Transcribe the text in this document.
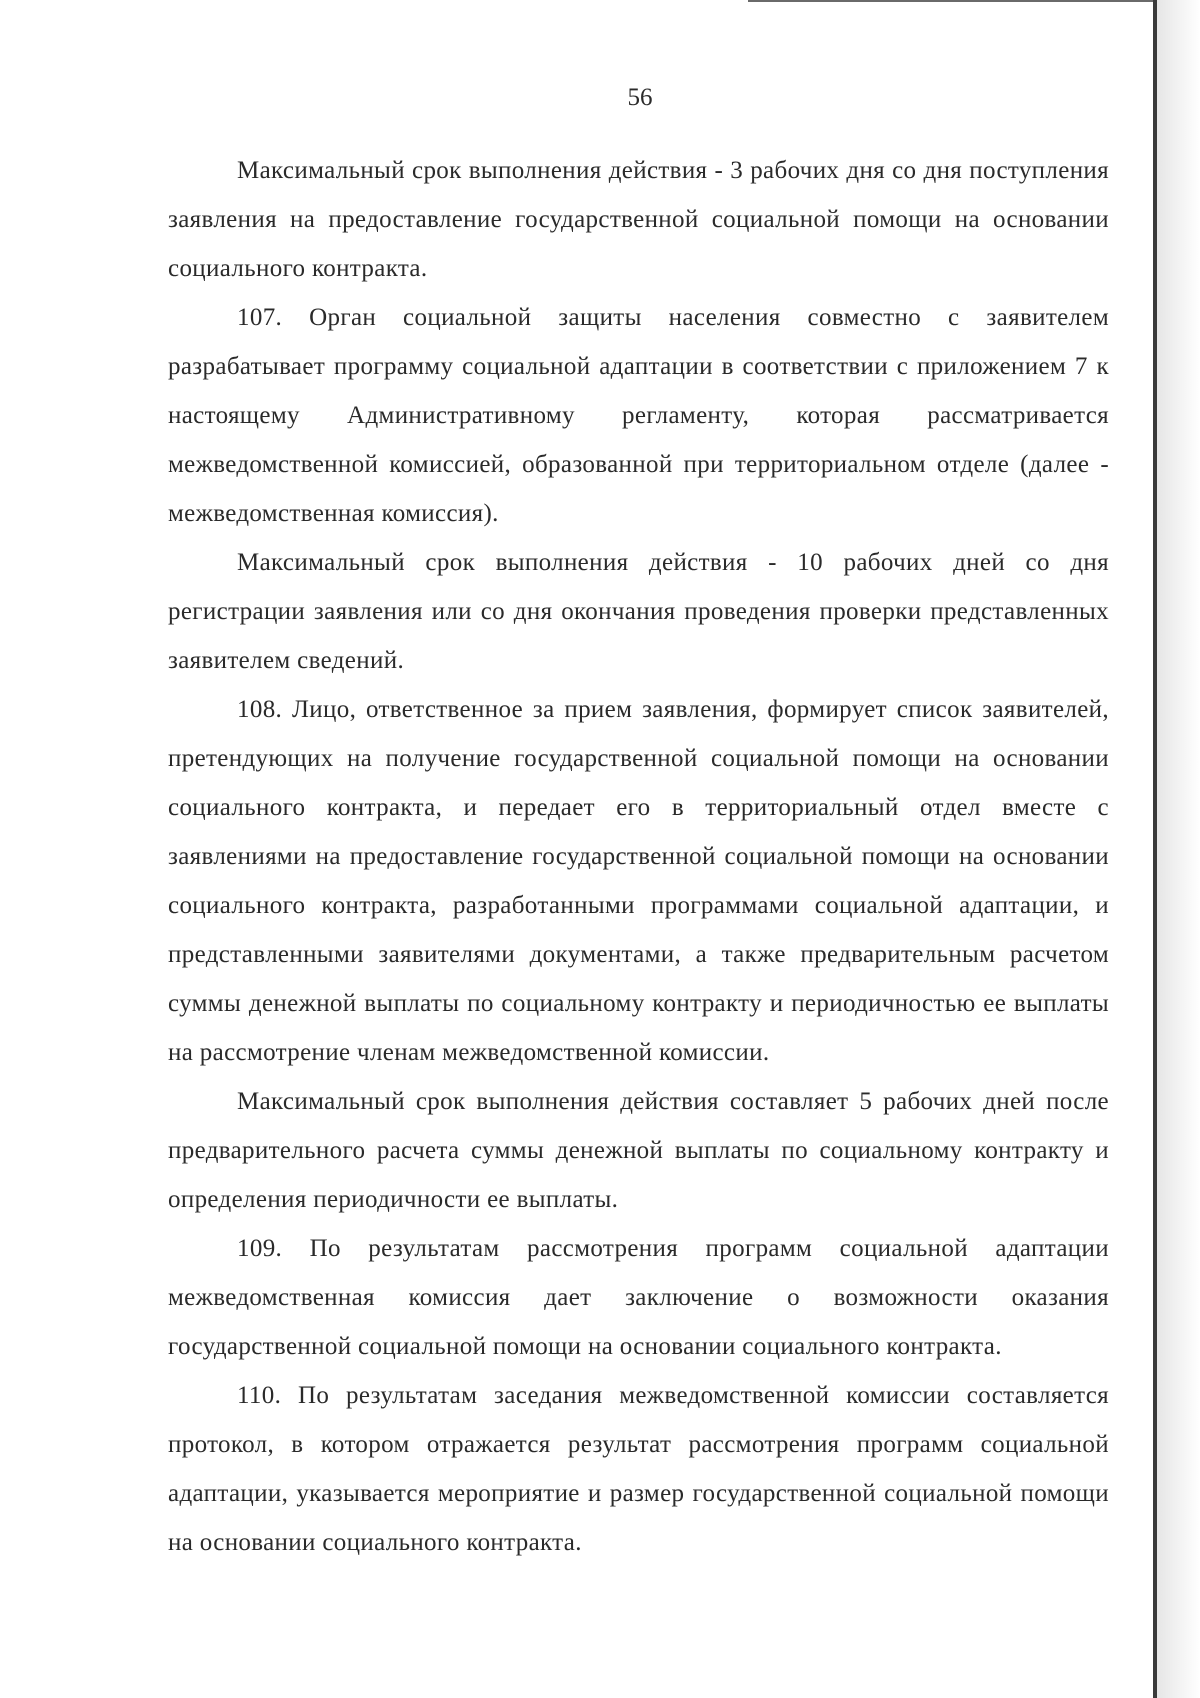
56

Максимальный срок выполнения действия - 3 рабочих дня со дня поступления заявления на предоставление государственной социальной помощи на основании социального контракта.

107. Орган социальной защиты населения совместно с заявителем разрабатывает программу социальной адаптации в соответствии с приложением 7 к настоящему Административному регламенту, которая рассматривается межведомственной комиссией, образованной при территориальном отделе (далее - межведомственная комиссия).

Максимальный срок выполнения действия - 10 рабочих дней со дня регистрации заявления или со дня окончания проведения проверки представленных заявителем сведений.

108. Лицо, ответственное за прием заявления, формирует список заявителей, претендующих на получение государственной социальной помощи на основании социального контракта, и передает его в территориальный отдел вместе с заявлениями на предоставление государственной социальной помощи на основании социального контракта, разработанными программами социальной адаптации, и представленными заявителями документами, а также предварительным расчетом суммы денежной выплаты по социальному контракту и периодичностью ее выплаты на рассмотрение членам межведомственной комиссии.

Максимальный срок выполнения действия составляет 5 рабочих дней после предварительного расчета суммы денежной выплаты по социальному контракту и определения периодичности ее выплаты.

109. По результатам рассмотрения программ социальной адаптации межведомственная комиссия дает заключение о возможности оказания государственной социальной помощи на основании социального контракта.

110. По результатам заседания межведомственной комиссии составляется протокол, в котором отражается результат рассмотрения программ социальной адаптации, указывается мероприятие и размер государственной социальной помощи на основании социального контракта.
